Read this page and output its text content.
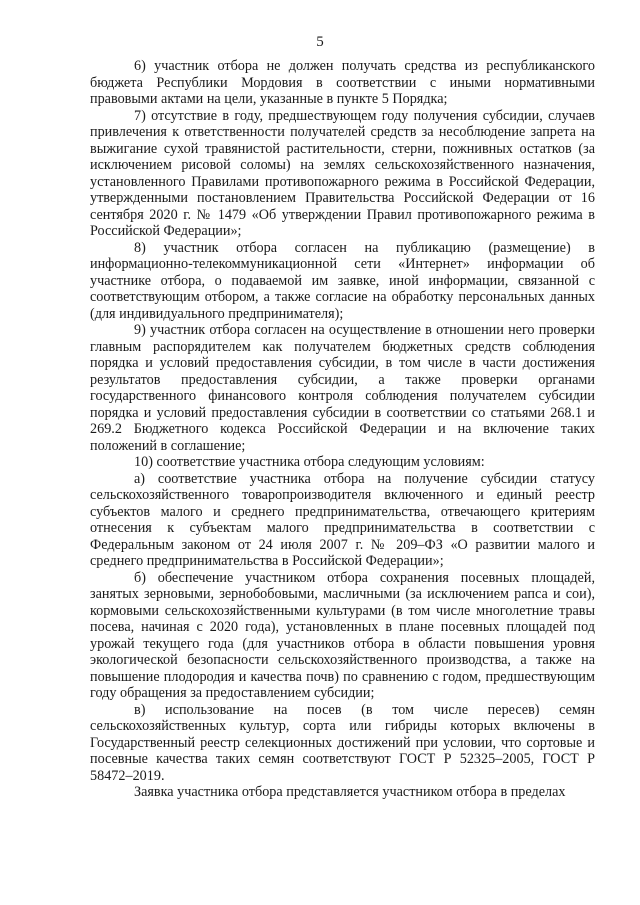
5

6) участник отбора не должен получать средства из республиканского бюджета Республики Мордовия в соответствии с иными нормативными правовыми актами на цели, указанные в пункте 5 Порядка;

7) отсутствие в году, предшествующем году получения субсидии, случаев привлечения к ответственности получателей средств за несоблюдение запрета на выжигание сухой травянистой растительности, стерни, пожнивных остатков (за исключением рисовой соломы) на землях сельскохозяйственного назначения, установленного Правилами противопожарного режима в Российской Федерации, утвержденными постановлением Правительства Российской Федерации от 16 сентября 2020 г. № 1479 «Об утверждении Правил противопожарного режима в Российской Федерации»;

8) участник отбора согласен на публикацию (размещение) в информационно-телекоммуникационной сети «Интернет» информации об участнике отбора, о подаваемой им заявке, иной информации, связанной с соответствующим отбором, а также согласие на обработку персональных данных (для индивидуального предпринимателя);

9) участник отбора согласен на осуществление в отношении него проверки главным распорядителем как получателем бюджетных средств соблюдения порядка и условий предоставления субсидии, в том числе в части достижения результатов предоставления субсидии, а также проверки органами государственного финансового контроля соблюдения получателем субсидии порядка и условий предоставления субсидии в соответствии со статьями 268.1 и 269.2 Бюджетного кодекса Российской Федерации и на включение таких положений в соглашение;

10) соответствие участника отбора следующим условиям:

а) соответствие участника отбора на получение субсидии статусу сельскохозяйственного товаропроизводителя включенного и единый реестр субъектов малого и среднего предпринимательства, отвечающего критериям отнесения к субъектам малого предпринимательства в соответствии с Федеральным законом от 24 июля 2007 г. № 209–ФЗ «О развитии малого и среднего предпринимательства в Российской Федерации»;

б) обеспечение участником отбора сохранения посевных площадей, занятых зерновыми, зернобобовыми, масличными (за исключением рапса и сои), кормовыми сельскохозяйственными культурами (в том числе многолетние травы посева, начиная с 2020 года), установленных в плане посевных площадей под урожай текущего года (для участников отбора в области повышения уровня экологической безопасности сельскохозяйственного производства, а также на повышение плодородия и качества почв) по сравнению с годом, предшествующим году обращения за предоставлением субсидии;

в) использование на посев (в том числе пересев) семян сельскохозяйственных культур, сорта или гибриды которых включены в Государственный реестр селекционных достижений при условии, что сортовые и посевные качества таких семян соответствуют ГОСТ Р 52325–2005, ГОСТ Р 58472–2019.

Заявка участника отбора представляется участником отбора в пределах
